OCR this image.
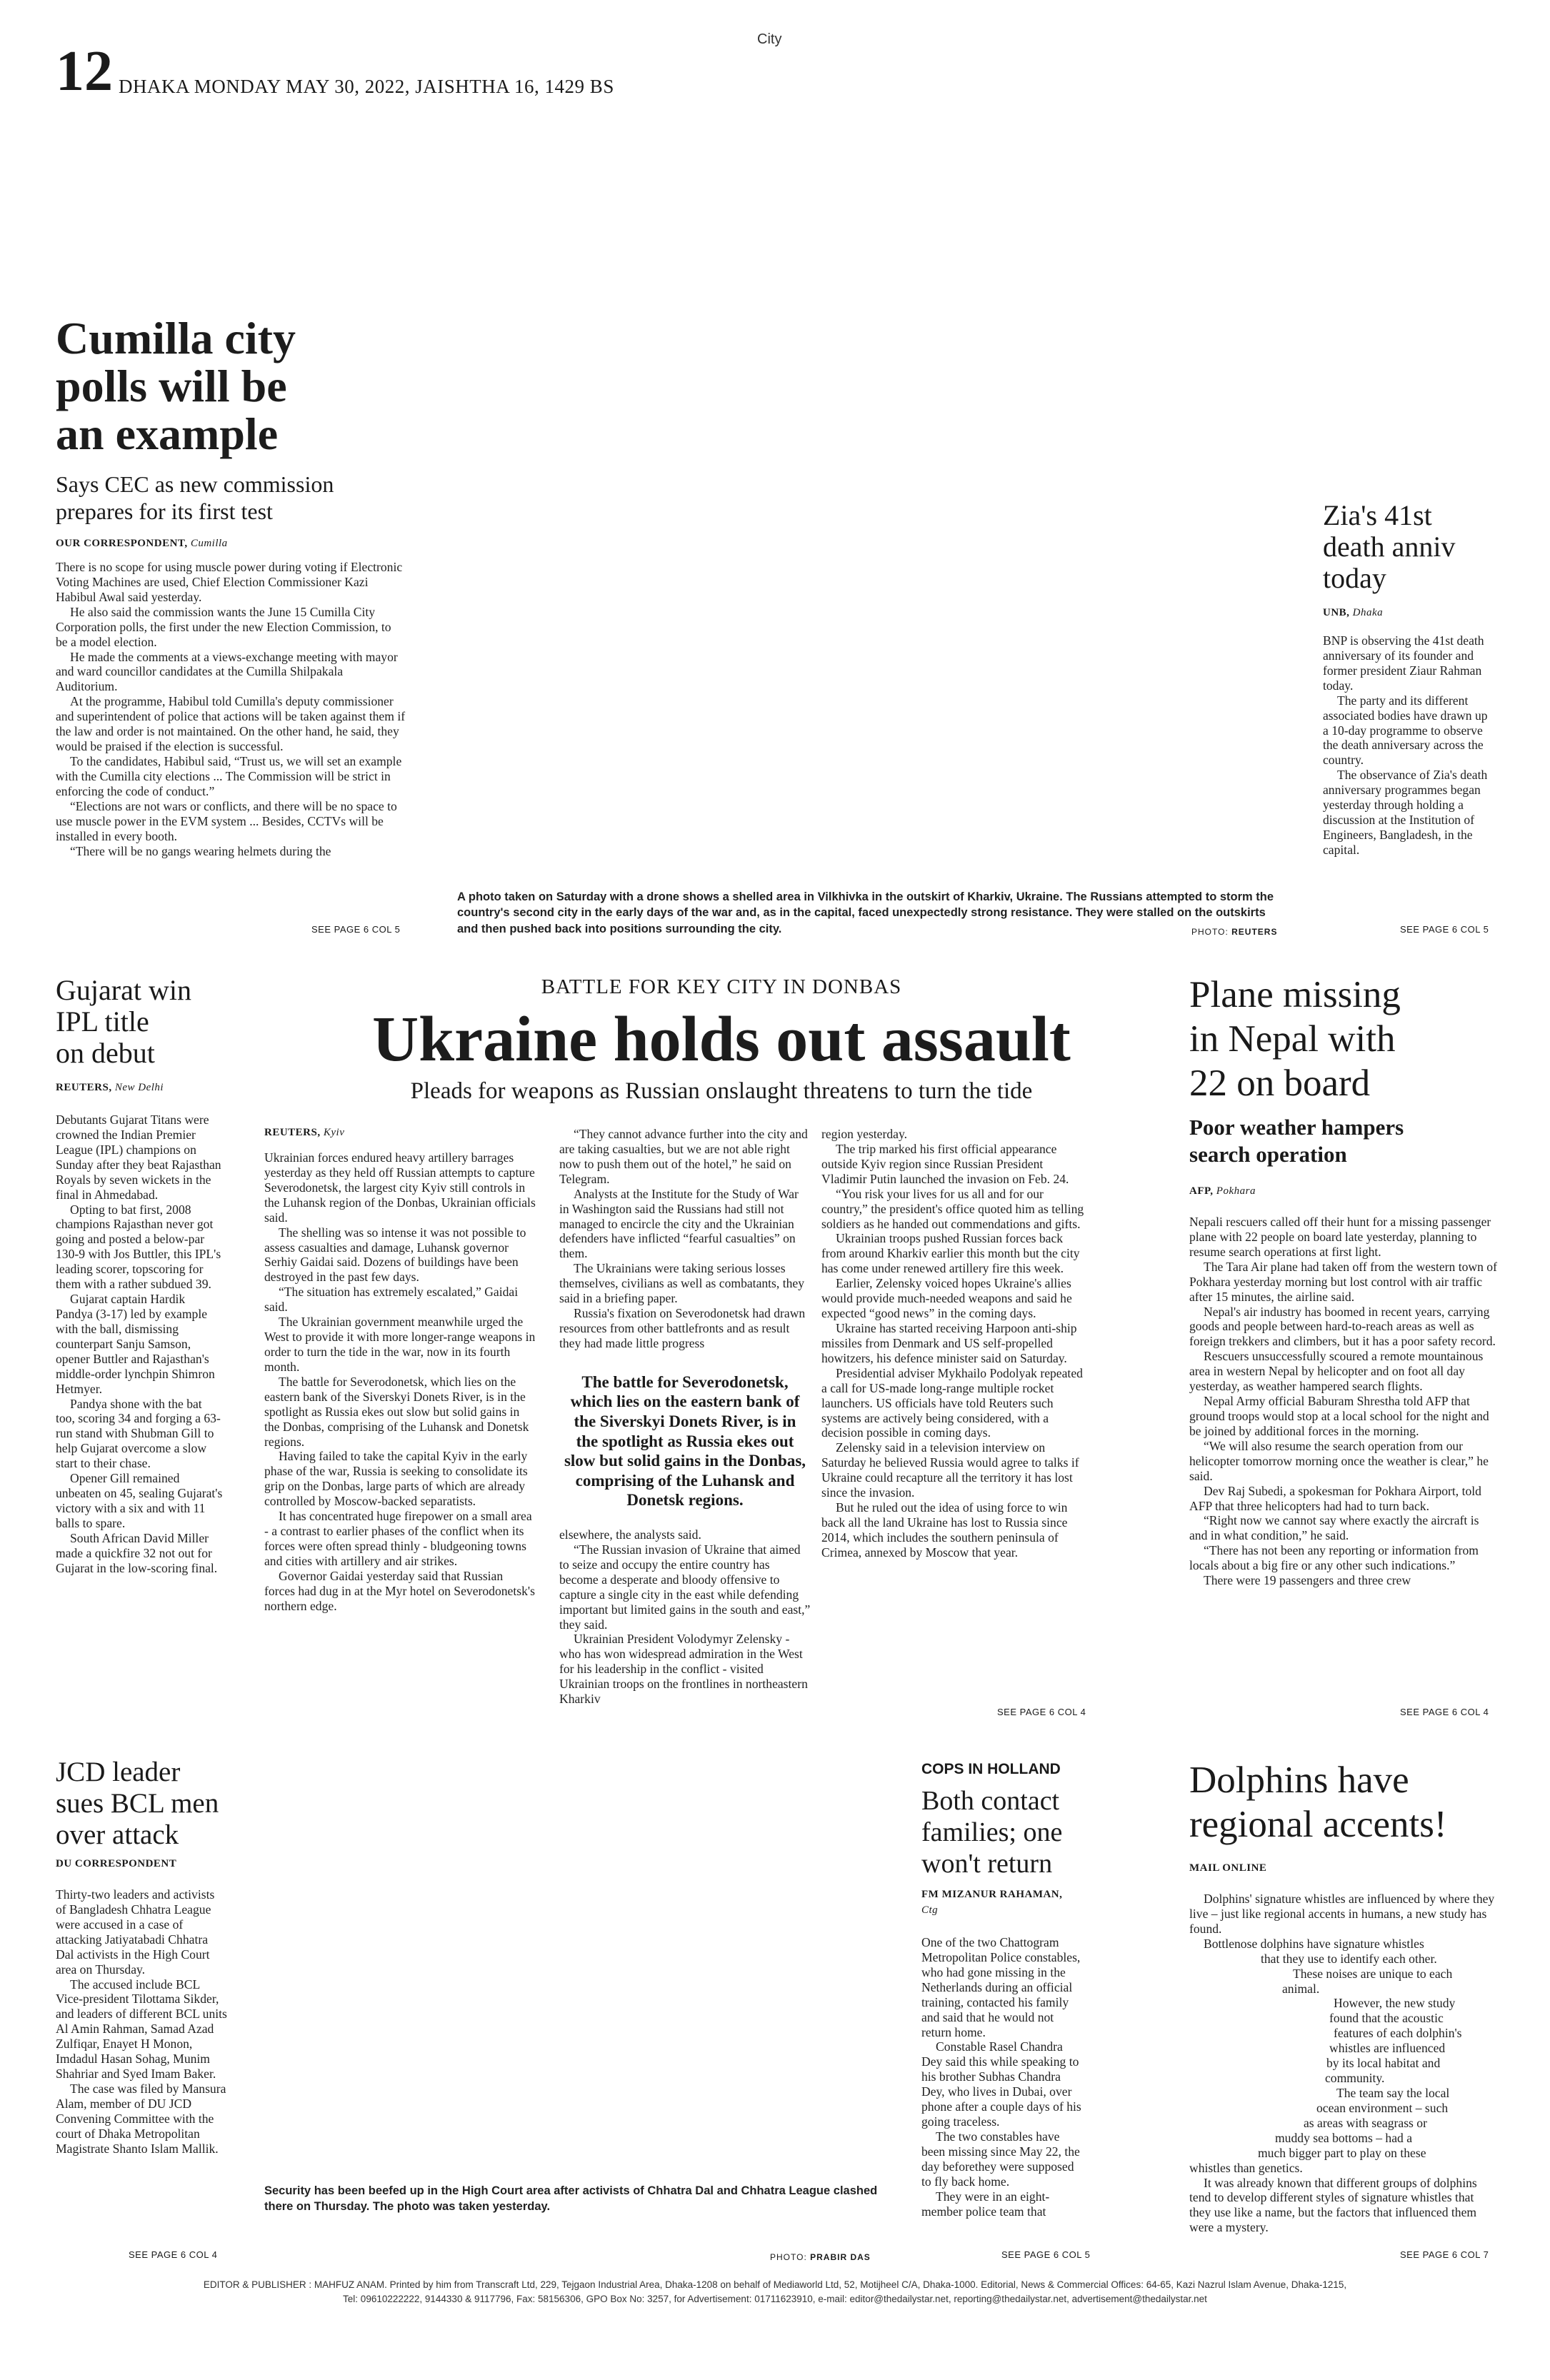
City
12 DHAKA MONDAY MAY 30, 2022, JAISHTHA 16, 1429 BS
Cumilla city
polls will be
an example
Says CEC as new commission
prepares for its first test
OUR CORRESPONDENT, Cumilla

There is no scope for using muscle power during voting if Electronic Voting Machines are used, Chief Election Commissioner Kazi Habibul Awal said yesterday.

He also said the commission wants the June 15 Cumilla City Corporation polls, the first under the new Election Commission, to be a model election.

He made the comments at a views-exchange meeting with mayor and ward councillor candidates at the Cumilla Shilpakala Auditorium.

At the programme, Habibul told Cumilla's deputy commissioner and superintendent of police that actions will be taken against them if the law and order is not maintained. On the other hand, he said, they would be praised if the election is successful.

To the candidates, Habibul said, “Trust us, we will set an example with the Cumilla city elections ... The Commission will be strict in enforcing the code of conduct.”

“Elections are not wars or conflicts, and there will be no space to use muscle power in the EVM system ... Besides, CCTVs will be installed in every booth.

“There will be no gangs wearing helmets during the

SEE PAGE 6 COL 5
A photo taken on Saturday with a drone shows a shelled area in Vilkhivka in the outskirt of Kharkiv, Ukraine. The Russians attempted to storm the country's second city in the early days of the war and, as in the capital, faced unexpectedly strong resistance. They were stalled on the outskirts and then pushed back into positions surrounding the city.	PHOTO: REUTERS
Zia's 41st
death anniv
today
UNB, Dhaka

BNP is observing the 41st death anniversary of its founder and former president Ziaur Rahman today.

The party and its different associated bodies have drawn up a 10-day programme to observe the death anniversary across the country.

The observance of Zia's death anniversary programmes began yesterday through holding a discussion at the Institution of Engineers, Bangladesh, in the capital.

SEE PAGE 6 COL 5
Gujarat win
IPL title
on debut
REUTERS, New Delhi

Debutants Gujarat Titans were crowned the Indian Premier League (IPL) champions on Sunday after they beat Rajasthan Royals by seven wickets in the final in Ahmedabad.

Opting to bat first, 2008 champions Rajasthan never got going and posted a below-par 130-9 with Jos Buttler, this IPL's leading scorer, topscoring for them with a rather subdued 39.

Gujarat captain Hardik Pandya (3-17) led by example with the ball, dismissing counterpart Sanju Samson, opener Buttler and Rajasthan's middle-order lynchpin Shimron Hetmyer.

Pandya shone with the bat too, scoring 34 and forging a 63-run stand with Shubman Gill to help Gujarat overcome a slow start to their chase.

Opener Gill remained unbeaten on 45, sealing Gujarat's victory with a six and with 11 balls to spare.

South African David Miller made a quickfire 32 not out for Gujarat in the low-scoring final.

BATTLE FOR KEY CITY IN DONBAS
Ukraine holds out assault
Pleads for weapons as Russian onslaught threatens to turn the tide
REUTERS, Kyiv

Ukrainian forces endured heavy artillery barrages yesterday as they held off Russian attempts to capture Severodonetsk, the largest city Kyiv still controls in the Luhansk region of the Donbas, Ukrainian officials said.

The shelling was so intense it was not possible to assess casualties and damage, Luhansk governor Serhiy Gaidai said. Dozens of buildings have been destroyed in the past few days.

“The situation has extremely escalated,” Gaidai said.

The Ukrainian government meanwhile urged the West to provide it with more longer-range weapons in order to turn the tide in the war, now in its fourth month.

The battle for Severodonetsk, which lies on the eastern bank of the Siverskyi Donets River, is in the spotlight as Russia ekes out slow but solid gains in the Donbas, comprising of the Luhansk and Donetsk regions.

Having failed to take the capital Kyiv in the early phase of the war, Russia is seeking to consolidate its grip on the Donbas, large parts of which are already controlled by Moscow-backed separatists.

It has concentrated huge firepower on a small area - a contrast to earlier phases of the conflict when its forces were often spread thinly - bludgeoning towns and cities with artillery and air strikes.

Governor Gaidai yesterday said that Russian forces had dug in at the Myr hotel on Severodonetsk's northern edge.

“They cannot advance further into the city and are taking casualties, but we are not able right now to push them out of the hotel,” he said on Telegram.

Analysts at the Institute for the Study of War in Washington said the Russians had still not managed to encircle the city and the Ukrainian defenders have inflicted “fearful casualties” on them.

The Ukrainians were taking serious losses themselves, civilians as well as combatants, they said in a briefing paper.

Russia's fixation on Severodonetsk had drawn resources from other battlefronts and as result they had made little progress

The battle for Severodonetsk, which lies on the eastern bank of the Siverskyi Donets River, is in the spotlight as Russia ekes out slow but solid gains in the Donbas, comprising of the Luhansk and Donetsk regions.

elsewhere, the analysts said.

“The Russian invasion of Ukraine that aimed to seize and occupy the entire country has become a desperate and bloody offensive to capture a single city in the east while defending important but limited gains in the south and east,” they said.

Ukrainian President Volodymyr Zelensky - who has won widespread admiration in the West for his leadership in the conflict - visited Ukrainian troops on the frontlines in northeastern Kharkiv

region yesterday.

The trip marked his first official appearance outside Kyiv region since Russian President Vladimir Putin launched the invasion on Feb. 24.

“You risk your lives for us all and for our country,” the president's office quoted him as telling soldiers as he handed out commendations and gifts.

Ukrainian troops pushed Russian forces back from around Kharkiv earlier this month but the city has come under renewed artillery fire this week.

Earlier, Zelensky voiced hopes Ukraine's allies would provide much-needed weapons and said he expected “good news” in the coming days.

Ukraine has started receiving Harpoon anti-ship missiles from Denmark and US self-propelled howitzers, his defence minister said on Saturday.

Presidential adviser Mykhailo Podolyak repeated a call for US-made long-range multiple rocket launchers. US officials have told Reuters such systems are actively being considered, with a decision possible in coming days.

Zelensky said in a television interview on Saturday he believed Russia would agree to talks if Ukraine could recapture all the territory it has lost since the invasion.

But he ruled out the idea of using force to win back all the land Ukraine has lost to Russia since 2014, which includes the southern peninsula of Crimea, annexed by Moscow that year.

SEE PAGE 6 COL 4
Plane missing
in Nepal with
22 on board
Poor weather hampers
search operation
AFP, Pokhara

Nepali rescuers called off their hunt for a missing passenger plane with 22 people on board late yesterday, planning to resume search operations at first light.

The Tara Air plane had taken off from the western town of Pokhara yesterday morning but lost control with air traffic after 15 minutes, the airline said.

Nepal's air industry has boomed in recent years, carrying goods and people between hard-to-reach areas as well as foreign trekkers and climbers, but it has a poor safety record.

Rescuers unsuccessfully scoured a remote mountainous area in western Nepal by helicopter and on foot all day yesterday, as weather hampered search flights.

Nepal Army official Baburam Shrestha told AFP that ground troops would stop at a local school for the night and be joined by additional forces in the morning.

“We will also resume the search operation from our helicopter tomorrow morning once the weather is clear,” he said.

Dev Raj Subedi, a spokesman for Pokhara Airport, told AFP that three helicopters had had to turn back.

“Right now we cannot say where exactly the aircraft is and in what condition,” he said.

“There has not been any reporting or information from locals about a big fire or any other such indications.”

There were 19 passengers and three crew

SEE PAGE 6 COL 4
JCD leader
sues BCL men
over attack
DU CORRESPONDENT

Thirty-two leaders and activists of Bangladesh Chhatra League were accused in a case of attacking Jatiyatabadi Chhatra Dal activists in the High Court area on Thursday.

The accused include BCL Vice-president Tilottama Sikder, and leaders of different BCL units Al Amin Rahman, Samad Azad Zulfiqar, Enayet H Monon, Imdadul Hasan Sohag, Munim Shahriar and Syed Imam Baker.

The case was filed by Mansura Alam, member of DU JCD Convening Committee with the court of Dhaka Metropolitan Magistrate Shanto Islam Mallik.

SEE PAGE 6 COL 4
Security has been beefed up in the High Court area after activists of Chhatra Dal and Chhatra League clashed there on Thursday. The photo was taken yesterday.
PHOTO: PRABIR DAS
COPS IN HOLLAND
Both contact
families; one
won't return
FM MIZANUR RAHAMAN,
Ctg

One of the two Chattogram Metropolitan Police constables, who had gone missing in the Netherlands during an official training, contacted his family and said that he would not return home.

Constable Rasel Chandra Dey said this while speaking to his brother Subhas Chandra Dey, who lives in Dubai, over phone after a couple days of his going traceless.

The two constables have been missing since May 22, the day beforethey were supposed to fly back home.

They were in an eight-member police team that

SEE PAGE 6 COL 5
Dolphins have
regional accents!
MAIL ONLINE

Dolphins' signature whistles are influenced by where they live – just like regional accents in humans, a new study has found.

Bottlenose dolphins have signature whistles
that they use to identify each other.
These noises are unique to each
animal.
However, the new study
found that the acoustic
features of each dolphin's
whistles are influenced
by its local habitat and
community.
The team say the local
ocean environment – such
as areas with seagrass or
muddy sea bottoms – had a
much bigger part to play on these
whistles than genetics.

It was already known that different groups of dolphins tend to develop different styles of signature whistles that they use like a name, but the factors that influenced them were a mystery.

SEE PAGE 6 COL 7
EDITOR & PUBLISHER : MAHFUZ ANAM. Printed by him from Transcraft Ltd, 229, Tejgaon Industrial Area, Dhaka-1208 on behalf of Mediaworld Ltd, 52, Motijheel C/A, Dhaka-1000. Editorial, News & Commercial Offices: 64-65, Kazi Nazrul Islam Avenue, Dhaka-1215,
Tel: 09610222222, 9144330 & 9117796, Fax: 58156306, GPO Box No: 3257, for Advertisement: 01711623910, e-mail: editor@thedailystar.net, reporting@thedailystar.net, advertisement@thedailystar.net
